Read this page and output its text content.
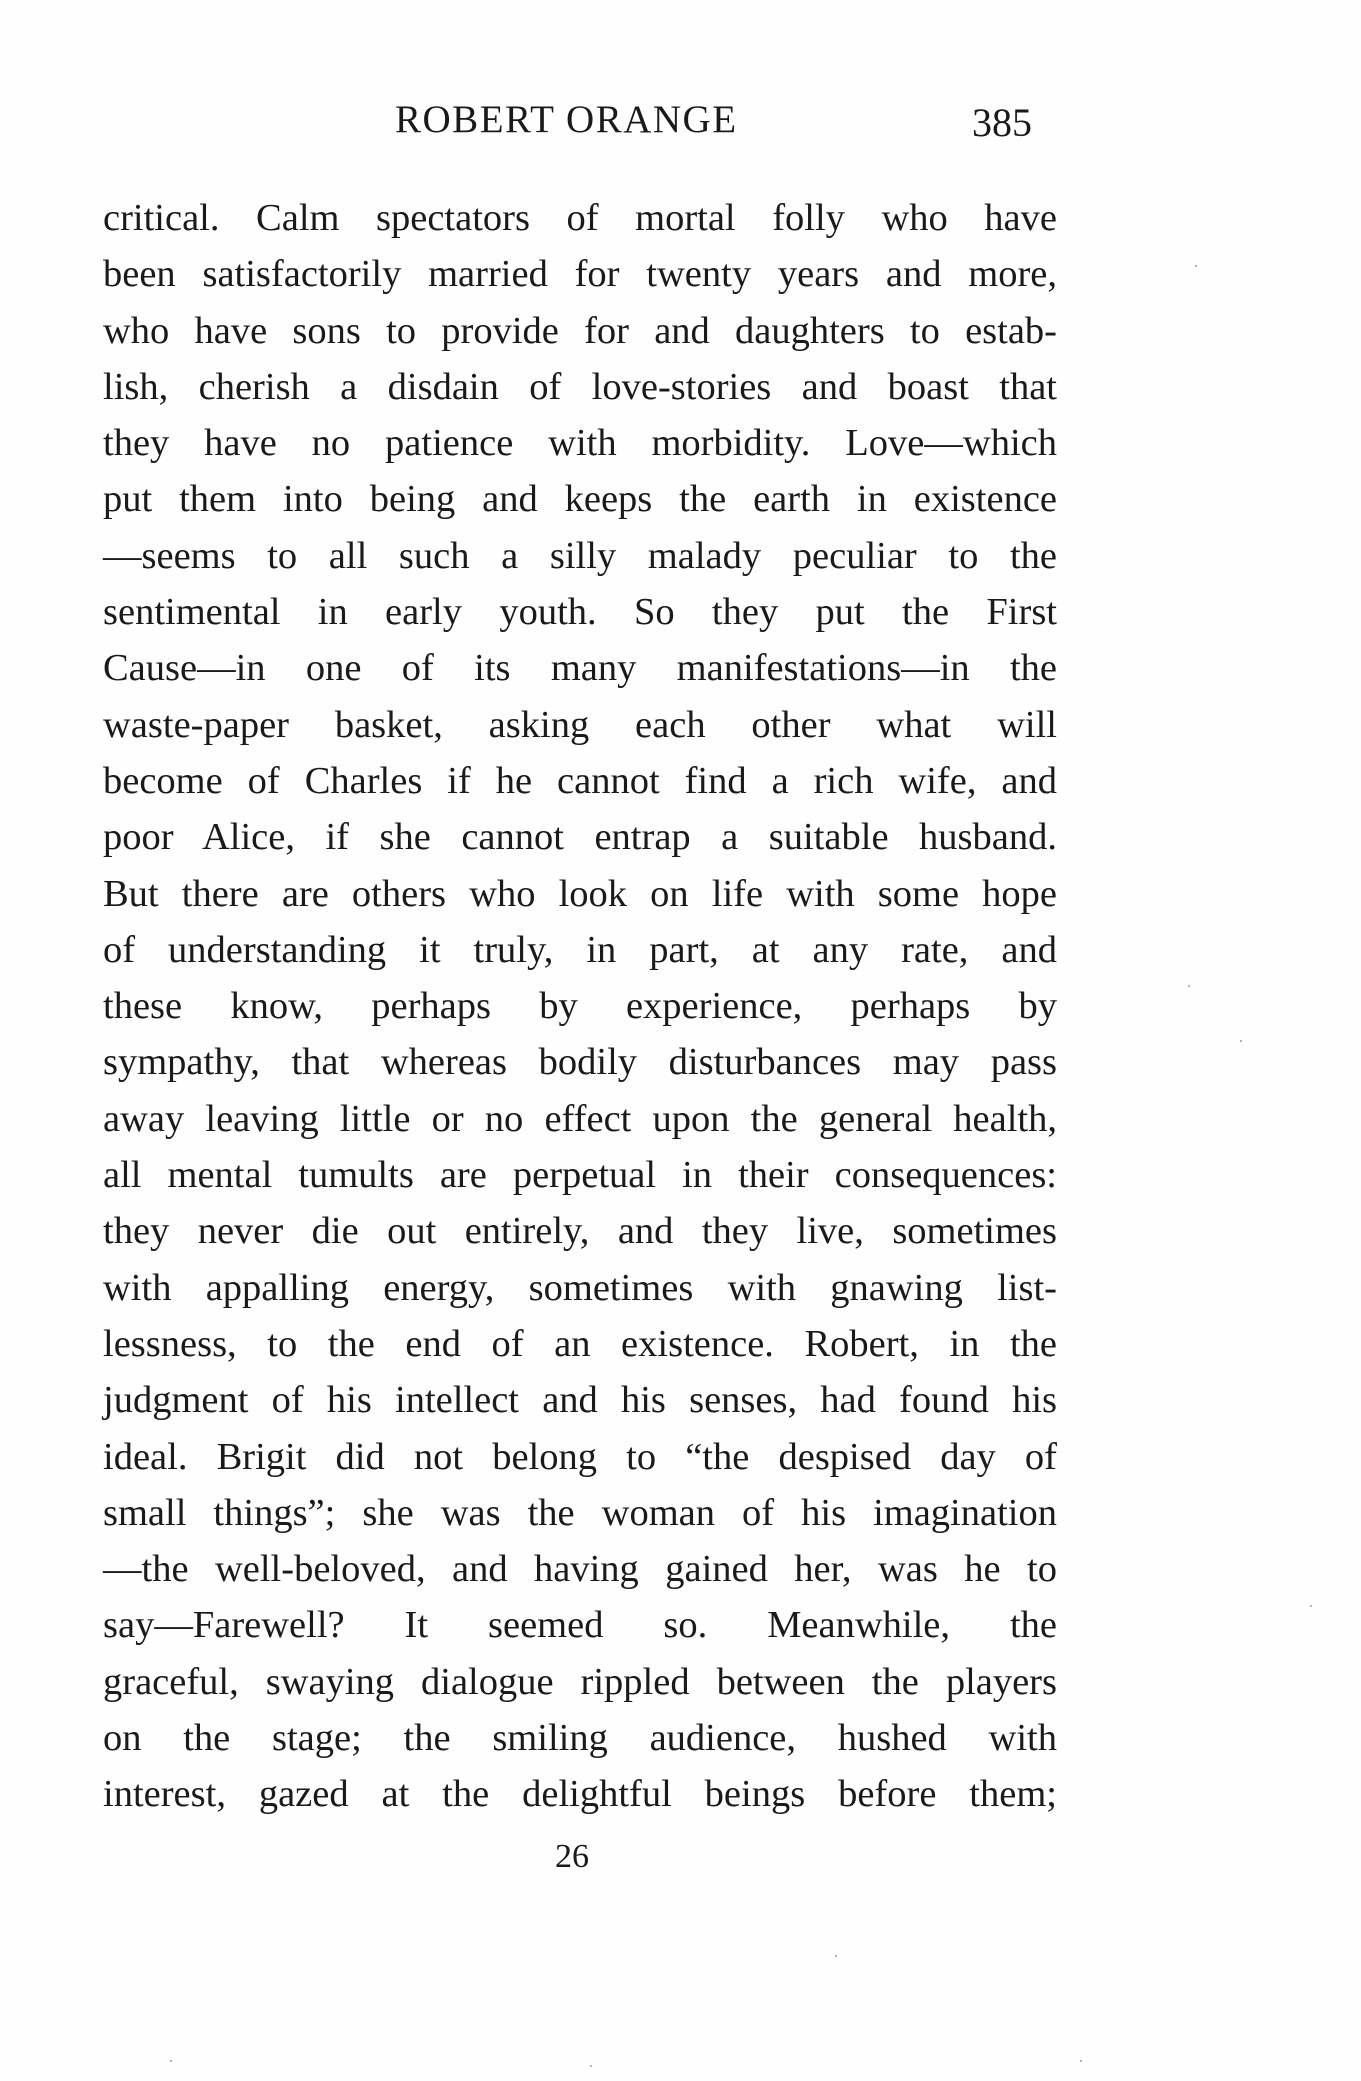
ROBERT ORANGE	385
critical. Calm spectators of mortal folly who have
been satisfactorily married for twenty years and more,
who have sons to provide for and daughters to estab-
lish, cherish a disdain of love-stories and boast that
they have no patience with morbidity. Love—which
put them into being and keeps the earth in existence
—seems to all such a silly malady peculiar to the
sentimental in early youth. So they put the First
Cause—in one of its many manifestations—in the
waste-paper basket, asking each other what will
become of Charles if he cannot find a rich wife, and
poor Alice, if she cannot entrap a suitable husband.
But there are others who look on life with some hope
of understanding it truly, in part, at any rate, and
these know, perhaps by experience, perhaps by
sympathy, that whereas bodily disturbances may pass
away leaving little or no effect upon the general health,
all mental tumults are perpetual in their consequences:
they never die out entirely, and they live, sometimes
with appalling energy, sometimes with gnawing list-
lessness, to the end of an existence. Robert, in the
judgment of his intellect and his senses, had found his
ideal. Brigit did not belong to “the despised day of
small things”; she was the woman of his imagination
—the well-beloved, and having gained her, was he to
say—Farewell? It seemed so. Meanwhile, the
graceful, swaying dialogue rippled between the players
on the stage; the smiling audience, hushed with
interest, gazed at the delightful beings before them;
26
